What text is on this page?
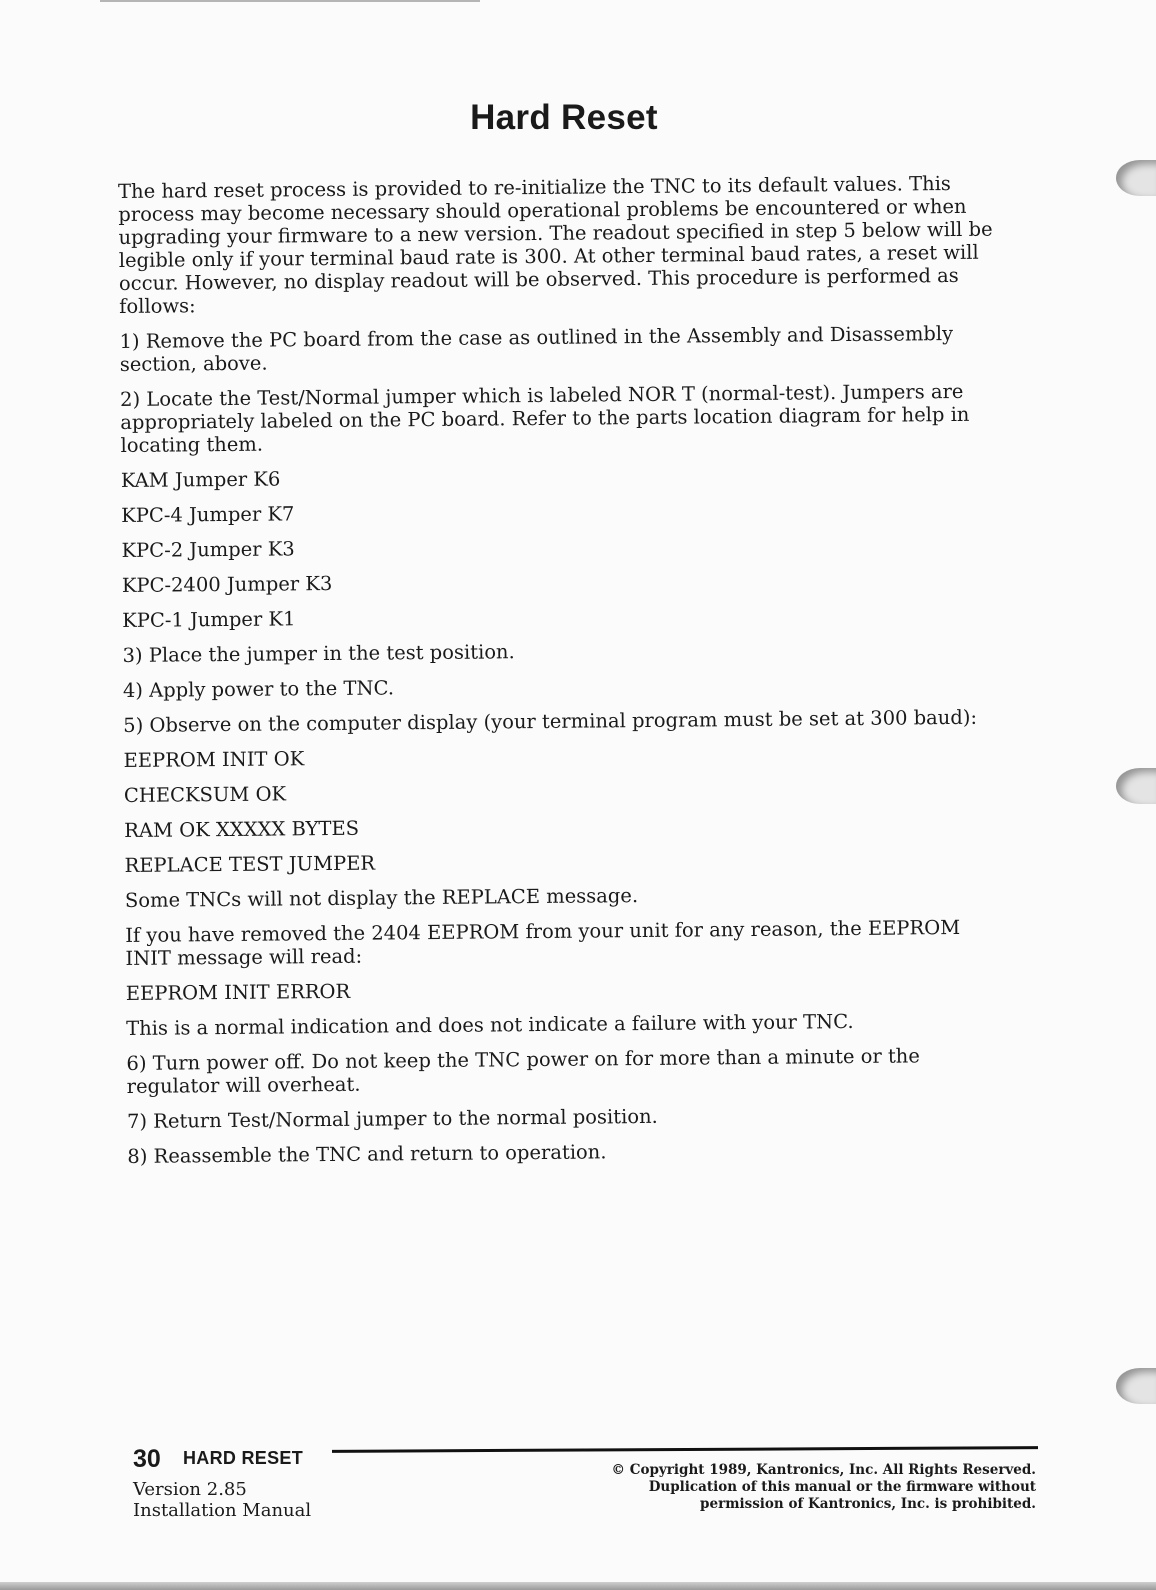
Hard Reset

The hard reset process is provided to re-initialize the TNC to its default values. This process may become necessary should operational problems be encountered or when upgrading your firmware to a new version. The readout specified in step 5 below will be legible only if your terminal baud rate is 300. At other terminal baud rates, a reset will occur. However, no display readout will be observed. This procedure is performed as follows:

1) Remove the PC board from the case as outlined in the Assembly and Disassembly section, above.

2) Locate the Test/Normal jumper which is labeled NOR T (normal-test). Jumpers are appropriately labeled on the PC board. Refer to the parts location diagram for help in locating them.

KAM Jumper K6

KPC-4 Jumper K7

KPC-2 Jumper K3

KPC-2400 Jumper K3

KPC-1 Jumper K1

3) Place the jumper in the test position.

4) Apply power to the TNC.

5) Observe on the computer display (your terminal program must be set at 300 baud):

EEPROM INIT OK

CHECKSUM OK

RAM OK XXXXX BYTES

REPLACE TEST JUMPER

Some TNCs will not display the REPLACE message.

If you have removed the 2404 EEPROM from your unit for any reason, the EEPROM INIT message will read:

EEPROM INIT ERROR

This is a normal indication and does not indicate a failure with your TNC.

6) Turn power off. Do not keep the TNC power on for more than a minute or the regulator will overheat.

7) Return Test/Normal jumper to the normal position.

8) Reassemble the TNC and return to operation.

30 HARD RESET
Version 2.85
Installation Manual
© Copyright 1989, Kantronics, Inc. All Rights Reserved.
Duplication of this manual or the firmware without
permission of Kantronics, Inc. is prohibited.
